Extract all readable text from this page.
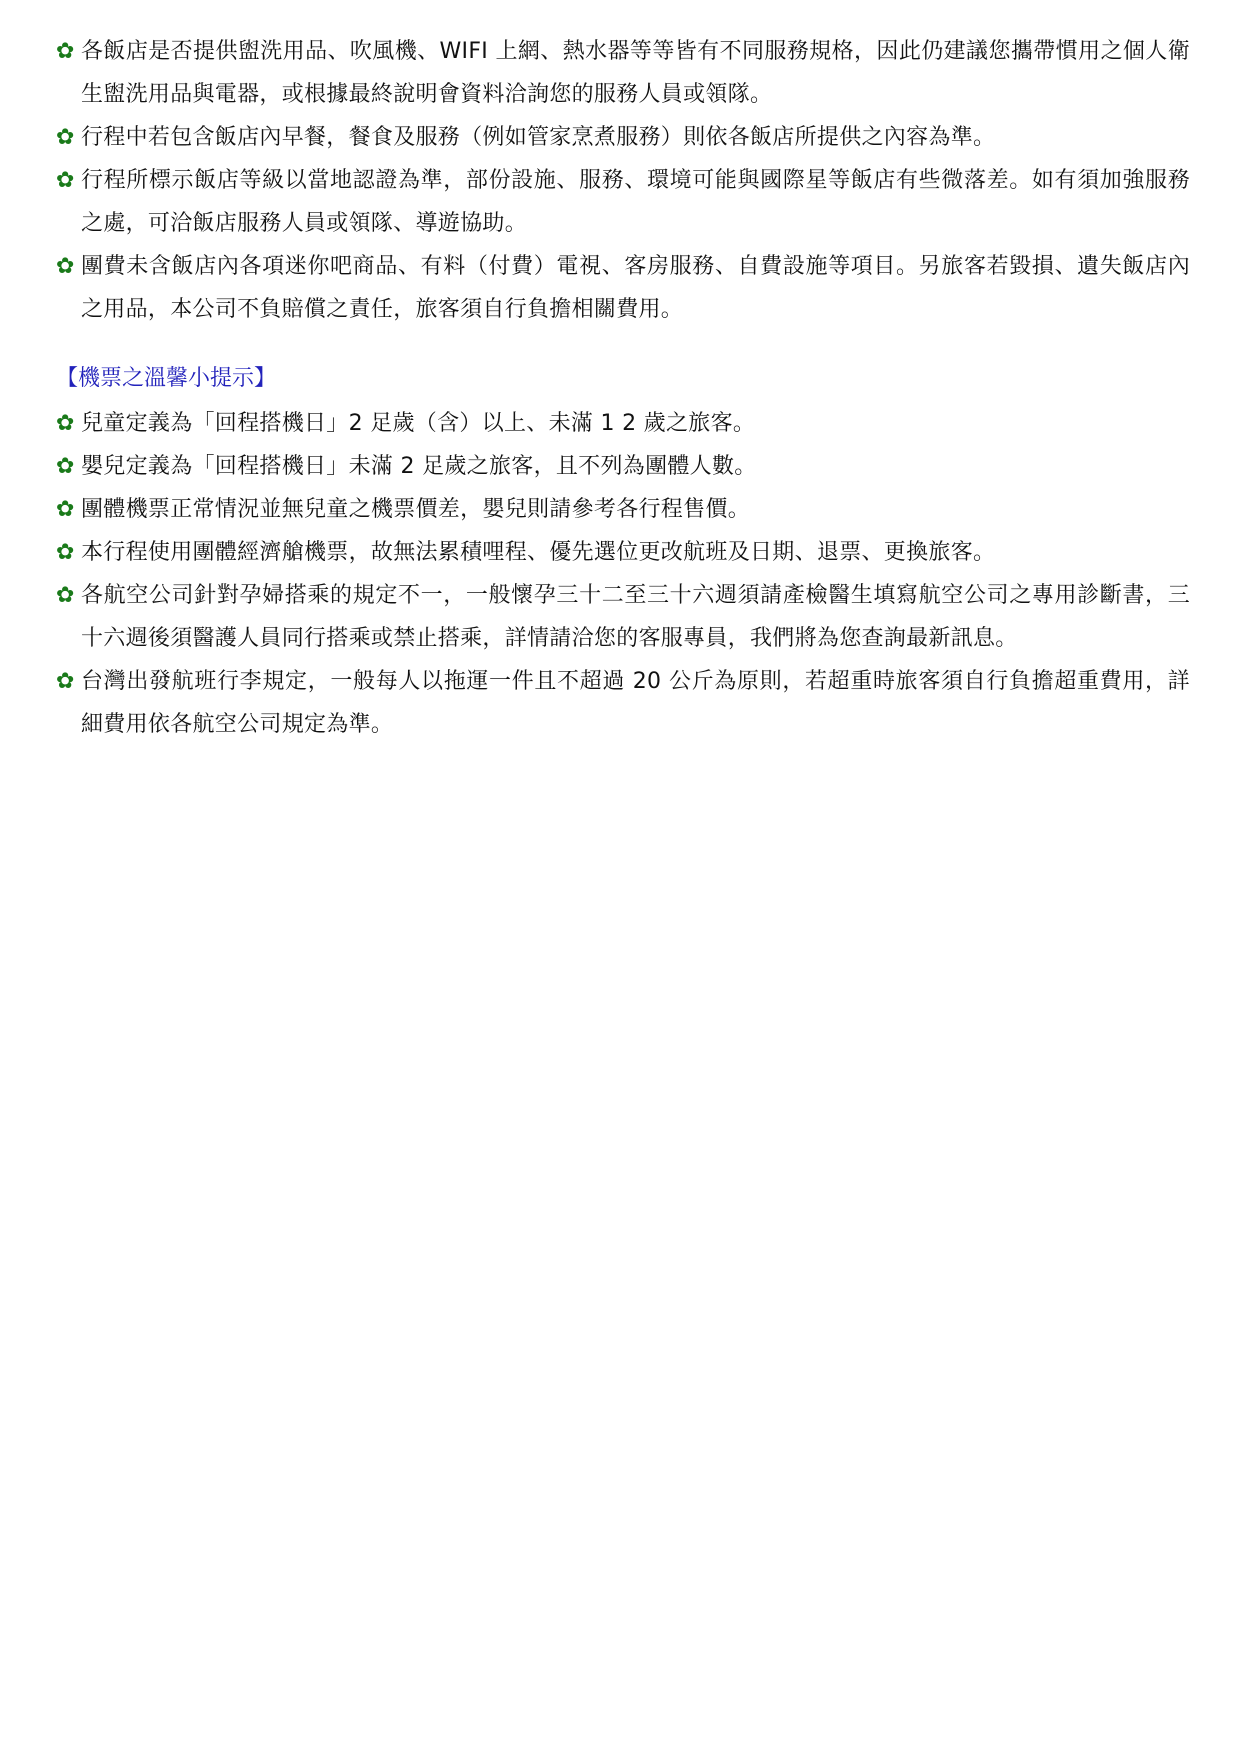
✿ 各飯店是否提供盥洗用品、吹風機、WIFI 上網、熱水器等等皆有不同服務規格，因此仍建議您攜帶慣用之個人衛生盥洗用品與電器，或根據最終說明會資料洽詢您的服務人員或領隊。
✿ 行程中若包含飯店內早餐，餐食及服務（例如管家烹煮服務）則依各飯店所提供之內容為準。
✿ 行程所標示飯店等級以當地認證為準，部份設施、服務、環境可能與國際星等飯店有些微落差。如有須加強服務之處，可洽飯店服務人員或領隊、導遊協助。
✿ 團費未含飯店內各項迷你吧商品、有料（付費）電視、客房服務、自費設施等項目。另旅客若毀損、遺失飯店內之用品，本公司不負賠償之責任，旅客須自行負擔相關費用。
【機票之溫馨小提示】
✿ 兒童定義為「回程搭機日」2 足歲（含）以上、未滿 1 2 歲之旅客。
✿ 嬰兒定義為「回程搭機日」未滿 2 足歲之旅客，且不列為團體人數。
✿ 團體機票正常情況並無兒童之機票價差，嬰兒則請參考各行程售價。
✿ 本行程使用團體經濟艙機票，故無法累積哩程、優先選位更改航班及日期、退票、更換旅客。
✿ 各航空公司針對孕婦搭乘的規定不一，一般懷孕三十二至三十六週須請產檢醫生填寫航空公司之專用診斷書，三十六週後須醫護人員同行搭乘或禁止搭乘，詳情請洽您的客服專員，我們將為您查詢最新訊息。
✿ 台灣出發航班行李規定，一般每人以拖運一件且不超過 20 公斤為原則，若超重時旅客須自行負擔超重費用，詳細費用依各航空公司規定為準。
